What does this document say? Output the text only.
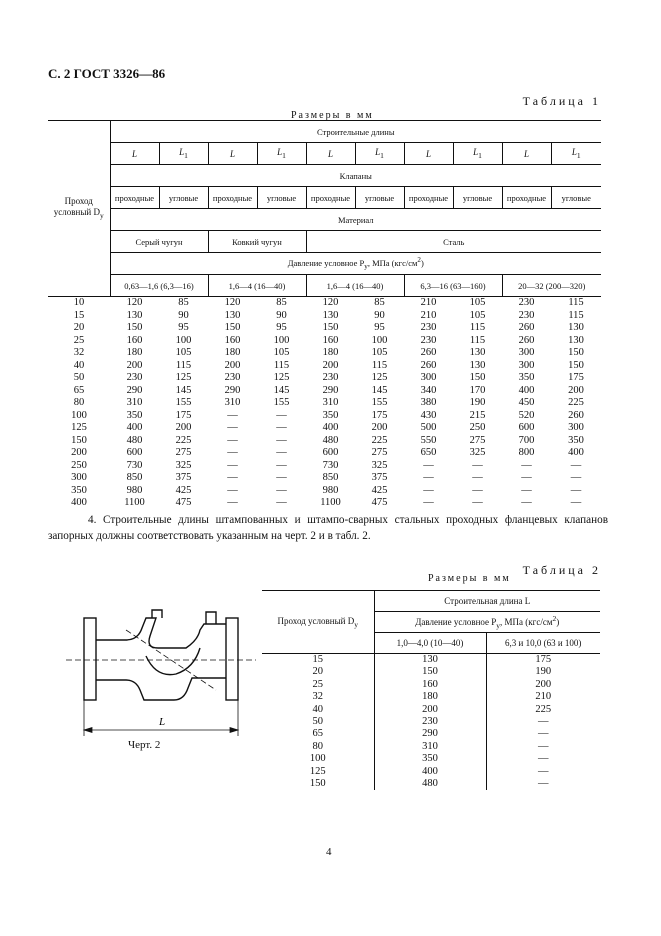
С. 2 ГОСТ 3326—86
Таблица 1
Размеры в мм
Проход условный $D_у$	Строительные длины									
	L	$L_1$	L	$L_1$	L	$L_1$	L	$L_1$	L	$L_1$
	Клапаны									
	проходные	угловые	проходные	угловые	проходные	угловые	проходные	угловые	проходные	угловые
	Материал									
	Серый чугун		Ковкий чугун		Сталь					
	Давление условное $P_у$, МПа $(кгс/см^2)$									
	0,63—1,6 (6,3—16)		1,6—4 (16—40)		1,6—4 (16—40)		6,3—16 (63—160)		20—32 (200—320)	
10	120	85	120	85	120	85	210	105	230	115
15	130	90	130	90	130	90	210	105	230	115
20	150	95	150	95	150	95	230	115	260	130
25	160	100	160	100	160	100	230	115	260	130
32	180	105	180	105	180	105	260	130	300	150
40	200	115	200	115	200	115	260	130	300	150
50	230	125	230	125	230	125	300	150	350	175
65	290	145	290	145	290	145	340	170	400	200
80	310	155	310	155	310	155	380	190	450	225
100	350	175	—	—	350	175	430	215	520	260
125	400	200	—	—	400	200	500	250	600	300
150	480	225	—	—	480	225	550	275	700	350
200	600	275	—	—	600	275	650	325	800	400
250	730	325	—	—	730	325	—	—	—	—
300	850	375	—	—	850	375	—	—	—	—
350	980	425	—	—	980	425	—	—	—	—
400	1100	475	—	—	1100	475	—	—	—	—
4. Строительные длины штампованных и штампо-сварных стальных проходных фланцевых клапанов запорных должны соответствовать указанным на черт. 2 и в табл. 2.
Таблица 2
Размеры в мм
Проход условный $D_у$	Строительная длина L	
	Давление условное $P_у$, МПа $(кгс/см^2)$	
	1,0—4,0 (10—40)	6,3 и 10,0 (63 и 100)
15	130	175
20	150	190
25	160	200
32	180	210
40	200	225
50	230	—
65	290	—
80	310	—
100	350	—
125	400	—
150	480	—
L
Черт. 2
4
